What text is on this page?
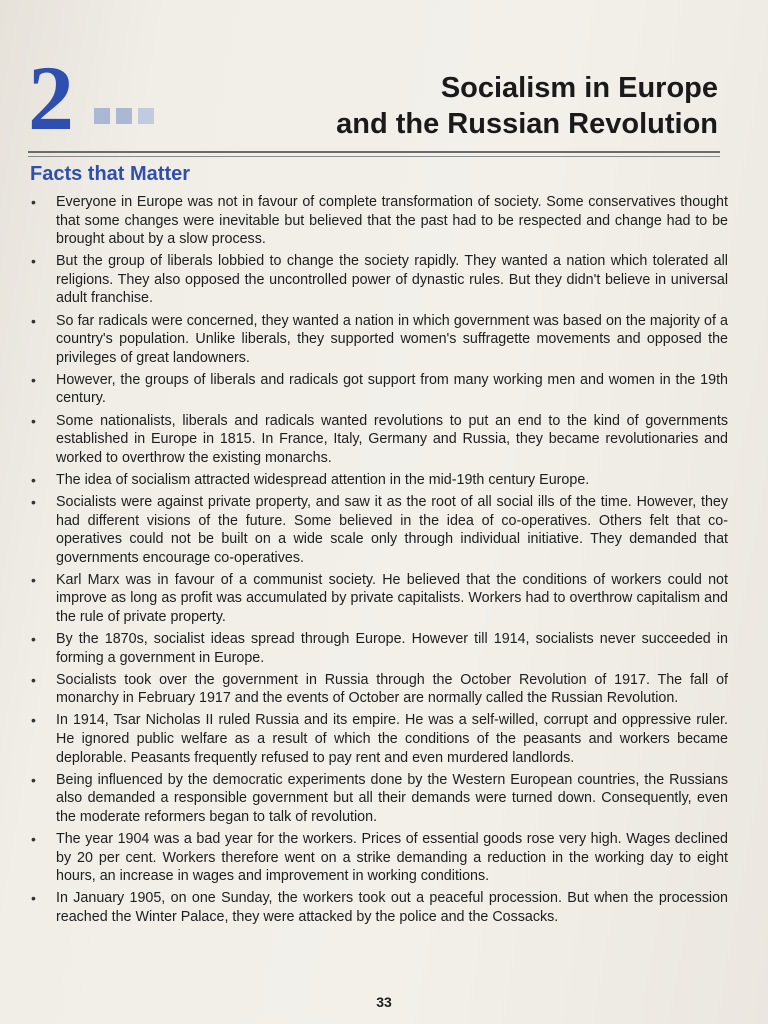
2	Socialism in Europe
and the Russian Revolution
Facts that Matter
• Everyone in Europe was not in favour of complete transformation of society. Some conservatives thought that some changes were inevitable but believed that the past had to be respected and change had to be brought about by a slow process.
• But the group of liberals lobbied to change the society rapidly. They wanted a nation which tolerated all religions. They also opposed the uncontrolled power of dynastic rules. But they didn't believe in universal adult franchise.
• So far radicals were concerned, they wanted a nation in which government was based on the majority of a country's population. Unlike liberals, they supported women's suffragette movements and opposed the privileges of great landowners.
• However, the groups of liberals and radicals got support from many working men and women in the 19th century.
• Some nationalists, liberals and radicals wanted revolutions to put an end to the kind of governments established in Europe in 1815. In France, Italy, Germany and Russia, they became revolutionaries and worked to overthrow the existing monarchs.
• The idea of socialism attracted widespread attention in the mid-19th century Europe.
• Socialists were against private property, and saw it as the root of all social ills of the time. However, they had different visions of the future. Some believed in the idea of co-operatives. Others felt that co-operatives could not be built on a wide scale only through individual initiative. They demanded that governments encourage co-operatives.
• Karl Marx was in favour of a communist society. He believed that the conditions of workers could not improve as long as profit was accumulated by private capitalists. Workers had to overthrow capitalism and the rule of private property.
• By the 1870s, socialist ideas spread through Europe. However till 1914, socialists never succeeded in forming a government in Europe.
• Socialists took over the government in Russia through the October Revolution of 1917. The fall of monarchy in February 1917 and the events of October are normally called the Russian Revolution.
• In 1914, Tsar Nicholas II ruled Russia and its empire. He was a self-willed, corrupt and oppressive ruler. He ignored public welfare as a result of which the conditions of the peasants and workers became deplorable. Peasants frequently refused to pay rent and even murdered landlords.
• Being influenced by the democratic experiments done by the Western European countries, the Russians also demanded a responsible government but all their demands were turned down. Consequently, even the moderate reformers began to talk of revolution.
• The year 1904 was a bad year for the workers. Prices of essential goods rose very high. Wages declined by 20 per cent. Workers therefore went on a strike demanding a reduction in the working day to eight hours, an increase in wages and improvement in working conditions.
• In January 1905, on one Sunday, the workers took out a peaceful procession. But when the procession reached the Winter Palace, they were attacked by the police and the Cossacks.
33
